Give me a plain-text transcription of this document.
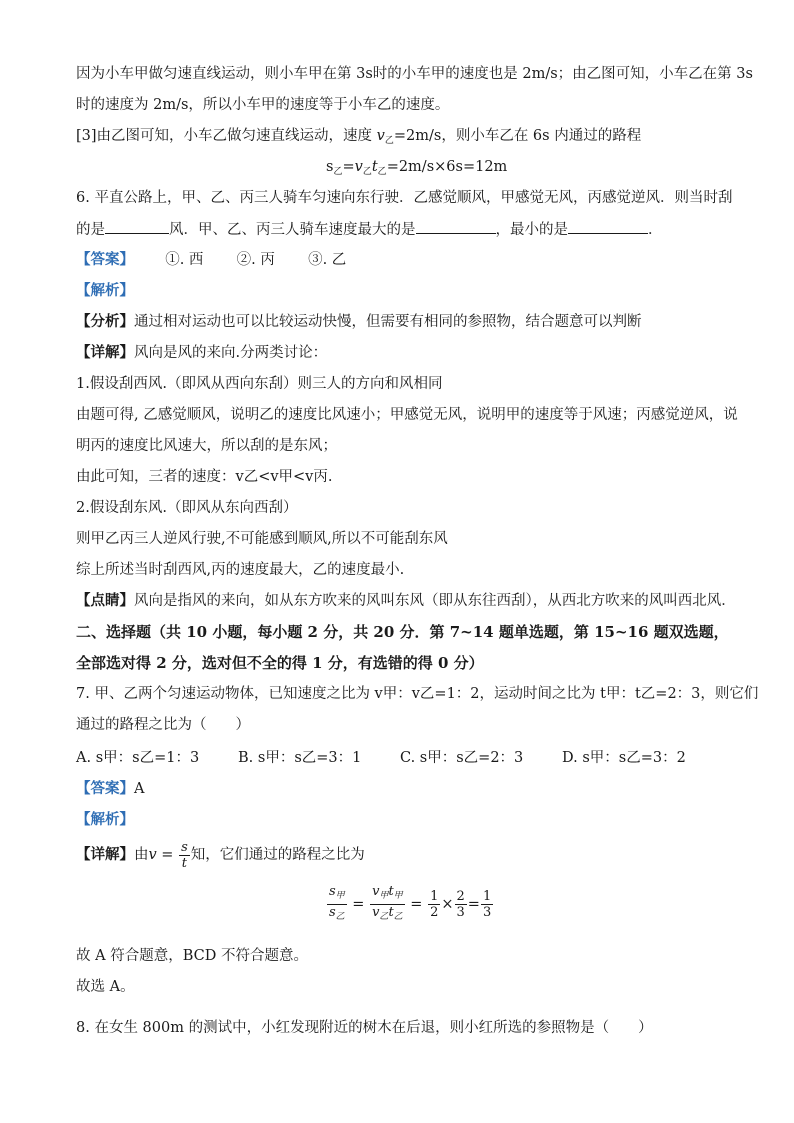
因为小车甲做匀速直线运动，则小车甲在第 3s时的小车甲的速度也是 2m/s；由乙图可知，小车乙在第 3s
时的速度为 2m/s，所以小车甲的速度等于小车乙的速度。
[3]由乙图可知，小车乙做匀速直线运动，速度 $v_乙=2m/s$，则小车乙在 6s 内通过的路程
$s_乙=v_乙t_乙=2m/s\times 6s=12m$
6. 平直公路上，甲、乙、丙三人骑车匀速向东行驶．乙感觉顺风，甲感觉无风，丙感觉逆风．则当时刮
的是	风．甲、乙、丙三人骑车速度最大的是	，最小的是	．
【答案】 ①. 西 ②. 丙 ③. 乙
【解析】
【分析】通过相对运动也可以比较运动快慢，但需要有相同的参照物，结合题意可以判断
【详解】风向是风的来向.分两类讨论：
1.假设刮西风.（即风从西向东刮）则三人的方向和风相同
由题可得, 乙感觉顺风，说明乙的速度比风速小；甲感觉无风，说明甲的速度等于风速；丙感觉逆风，说
明丙的速度比风速大，所以刮的是东风；
由此可知，三者的速度：v乙<v甲<v丙.
2.假设刮东风.（即风从东向西刮）
则甲乙丙三人逆风行驶,不可能感到顺风,所以不可能刮东风
综上所述当时刮西风,丙的速度最大，乙的速度最小.
【点睛】风向是指风的来向，如从东方吹来的风叫东风（即从东往西刮），从西北方吹来的风叫西北风．
二、选择题（共 10 小题，每小题 2 分，共 20 分．第 7~14 题单选题，第 15~16 题双选题，
全部选对得 2 分，选对但不全的得 1 分，有选错的得 0 分）
7. 甲、乙两个匀速运动物体，已知速度之比为 v甲：v乙=1：2，运动时间之比为 t甲：t乙=2：3，则它们
通过的路程之比为（　　）
A. s甲：s乙=1：3	B. s甲：s乙=3：1	C. s甲：s乙=2：3	D. s甲：s乙=3：2
【答案】A
【解析】
【详解】由$v = \frac{s}{t}$ 知，它们通过的路程之比为
$\frac{s_甲}{s_乙} = \frac{v_甲t_甲}{v_乙t_乙} = \frac{1}{2} \times \frac{2}{3} = \frac{1}{3}$
故 A 符合题意，BCD 不符合题意。
故选 A。
8. 在女生 800m 的测试中，小红发现附近的树木在后退，则小红所选的参照物是（　　）
